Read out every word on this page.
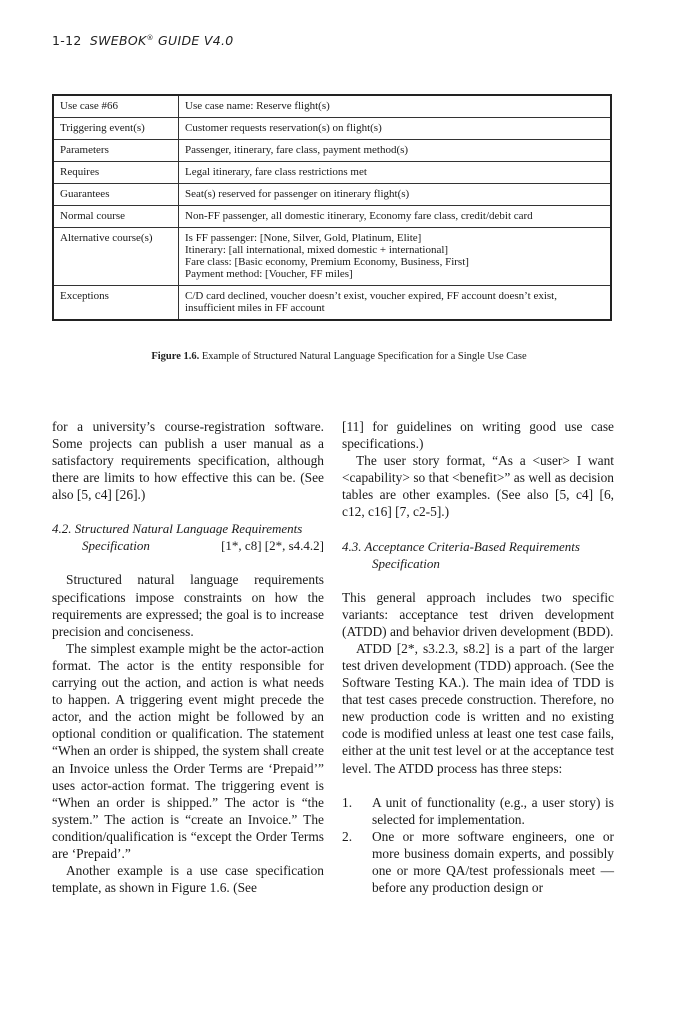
1-12 SWEBOK® GUIDE V4.0
Use case #66	Use case name: Reserve flight(s)

Triggering event(s)	Customer requests reservation(s) on flight(s)

Parameters	Passenger, itinerary, fare class, payment method(s)

Requires	Legal itinerary, fare class restrictions met

Guarantees	Seat(s) reserved for passenger on itinerary flight(s)

Normal course	Non-FF passenger, all domestic itinerary, Economy fare class, credit/debit card

Alternative course(s)	Is FF passenger: [None, Silver, Gold, Platinum, Elite]
Itinerary: [all international, mixed domestic + international]
Fare class: [Basic economy, Premium Economy, Business, First]
Payment method: [Voucher, FF miles]

Exceptions	C/D card declined, voucher doesn’t exist, voucher expired, FF account doesn’t exist,
insufficient miles in FF account
Figure 1.6. Example of Structured Natural Language Specification for a Single Use Case

for a university’s course-registration software. Some projects can publish a user manual as a satisfactory requirements specification, although there are limits to how effective this can be. (See also [5, c4] [26].)

4.2. Structured Natural Language Requirements
Specification	[1*, c8] [2*, s4.4.2]

Structured natural language requirements specifications impose constraints on how the requirements are expressed; the goal is to increase precision and conciseness.

The simplest example might be the actor-action format. The actor is the entity responsible for carrying out the action, and action is what needs to happen. A triggering event might precede the actor, and the action might be followed by an optional condition or qualification. The statement “When an order is shipped, the system shall create an Invoice unless the Order Terms are ‘Prepaid’” uses actor-action format. The triggering event is “When an order is shipped.” The actor is “the system.” The action is “create an Invoice.” The condition/qualification is “except the Order Terms are ‘Prepaid’.”

Another example is a use case specification template, as shown in Figure 1.6. (See

[11] for guidelines on writing good use case specifications.)

The user story format, “As a <user> I want <capability> so that <benefit>” as well as decision tables are other examples. (See also [5, c4] [6, c12, c16] [7, c2-5].)

4.3. Acceptance Criteria-Based Requirements
Specification

This general approach includes two specific variants: acceptance test driven development (ATDD) and behavior driven development (BDD).

ATDD [2*, s3.2.3, s8.2] is a part of the larger test driven development (TDD) approach. (See the Software Testing KA.). The main idea of TDD is that test cases precede construction. Therefore, no new production code is written and no existing code is modified unless at least one test case fails, either at the unit test level or at the acceptance test level. The ATDD process has three steps:

1. A unit of functionality (e.g., a user story) is selected for implementation.
2. One or more software engineers, one or more business domain experts, and possibly one or more QA/test professionals meet — before any production design or
